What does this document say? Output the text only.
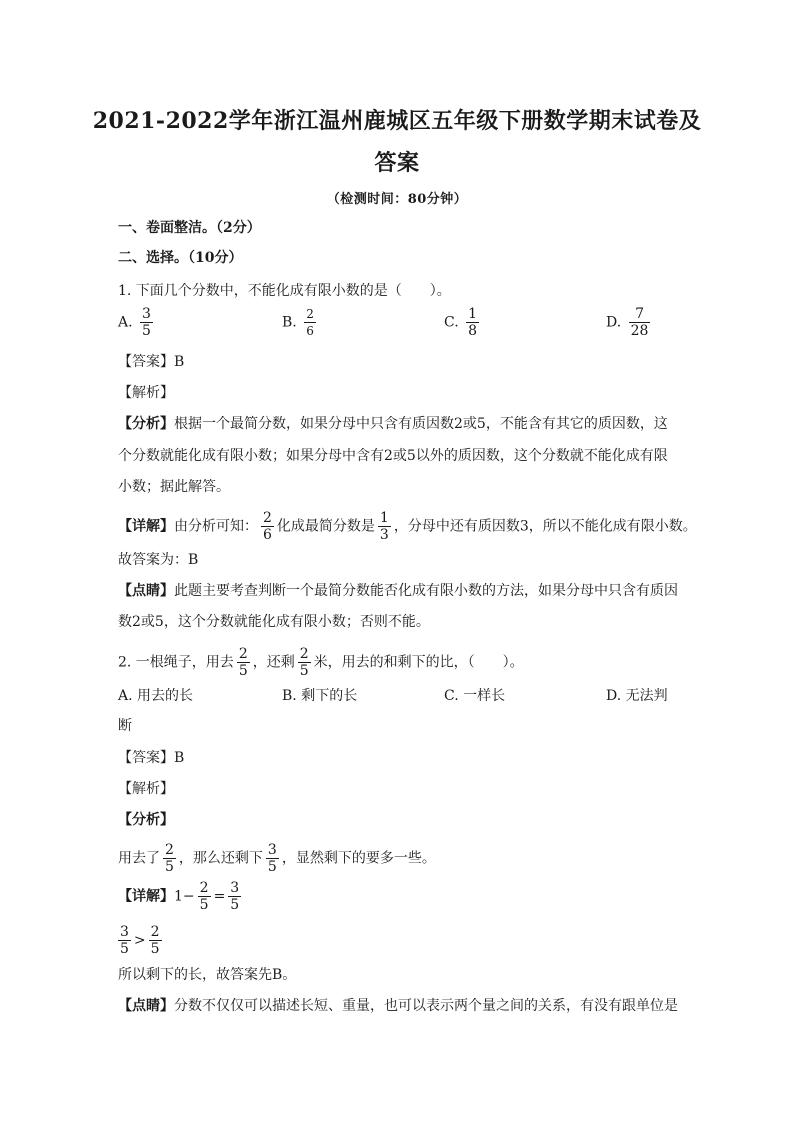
2021-2022学年浙江温州鹿城区五年级下册数学期末试卷及
答案
（检测时间：80分钟）
一、卷面整洁。（2分）
二、选择。（10分）
1. 下面几个分数中，不能化成有限小数的是（　　）。
A. $\frac{3}{5}$	B. $\frac{2}{6}$	C. $\frac{1}{8}$	D. $\frac{7}{28}$
【答案】B
【解析】
【分析】根据一个最简分数，如果分母中只含有质因数2或5，不能含有其它的质因数，这
个分数就能化成有限小数；如果分母中含有2或5以外的质因数，这个分数就不能化成有限
小数；据此解答。
【详解】由分析可知： $\frac{2}{6}$ 化成最简分数是 $\frac{1}{3}$ ，分母中还有质因数3，所以不能化成有限小数。
故答案为：B
【点睛】此题主要考查判断一个最简分数能否化成有限小数的方法，如果分母中只含有质因
数2或5，这个分数就能化成有限小数；否则不能。
2. 一根绳子，用去 $\frac{2}{5}$ ，还剩 $\frac{2}{5}$ 米，用去的和剩下的比，（　　）。
A. 用去的长	B. 剩下的长	C. 一样长	D. 无法判
断
【答案】B
【解析】
【分析】
用去了 $\frac{2}{5}$ ，那么还剩下 $\frac{3}{5}$ ，显然剩下的要多一些。
【详解】$1- \frac{2}{5} = \frac{3}{5}$
$\frac{3}{5} > \frac{2}{5}$
所以剩下的长，故答案先B。
【点睛】分数不仅仅可以描述长短、重量，也可以表示两个量之间的关系，有没有跟单位是
